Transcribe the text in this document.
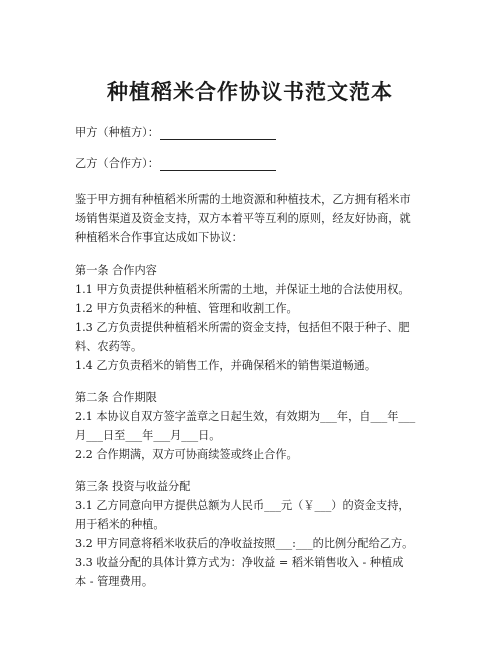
种植稻米合作协议书范文范本
甲方（种植方）：
乙方（合作方）：
鉴于甲方拥有种植稻米所需的土地资源和种植技术，乙方拥有稻米市
场销售渠道及资金支持，双方本着平等互利的原则，经友好协商，就
种植稻米合作事宜达成如下协议：
第一条 合作内容
1.1 甲方负责提供种植稻米所需的土地，并保证土地的合法使用权。
1.2 甲方负责稻米的种植、管理和收割工作。
1.3 乙方负责提供种植稻米所需的资金支持，包括但不限于种子、肥
料、农药等。
1.4 乙方负责稻米的销售工作，并确保稻米的销售渠道畅通。
第二条 合作期限
2.1 本协议自双方签字盖章之日起生效，有效期为___年，自___年___
月___日至___年___月___日。
2.2 合作期满，双方可协商续签或终止合作。
第三条 投资与收益分配
3.1 乙方同意向甲方提供总额为人民币___元（￥___）的资金支持，
用于稻米的种植。
3.2 甲方同意将稻米收获后的净收益按照___:___的比例分配给乙方。
3.3 收益分配的具体计算方式为：净收益 = 稻米销售收入 - 种植成
本 - 管理费用。
